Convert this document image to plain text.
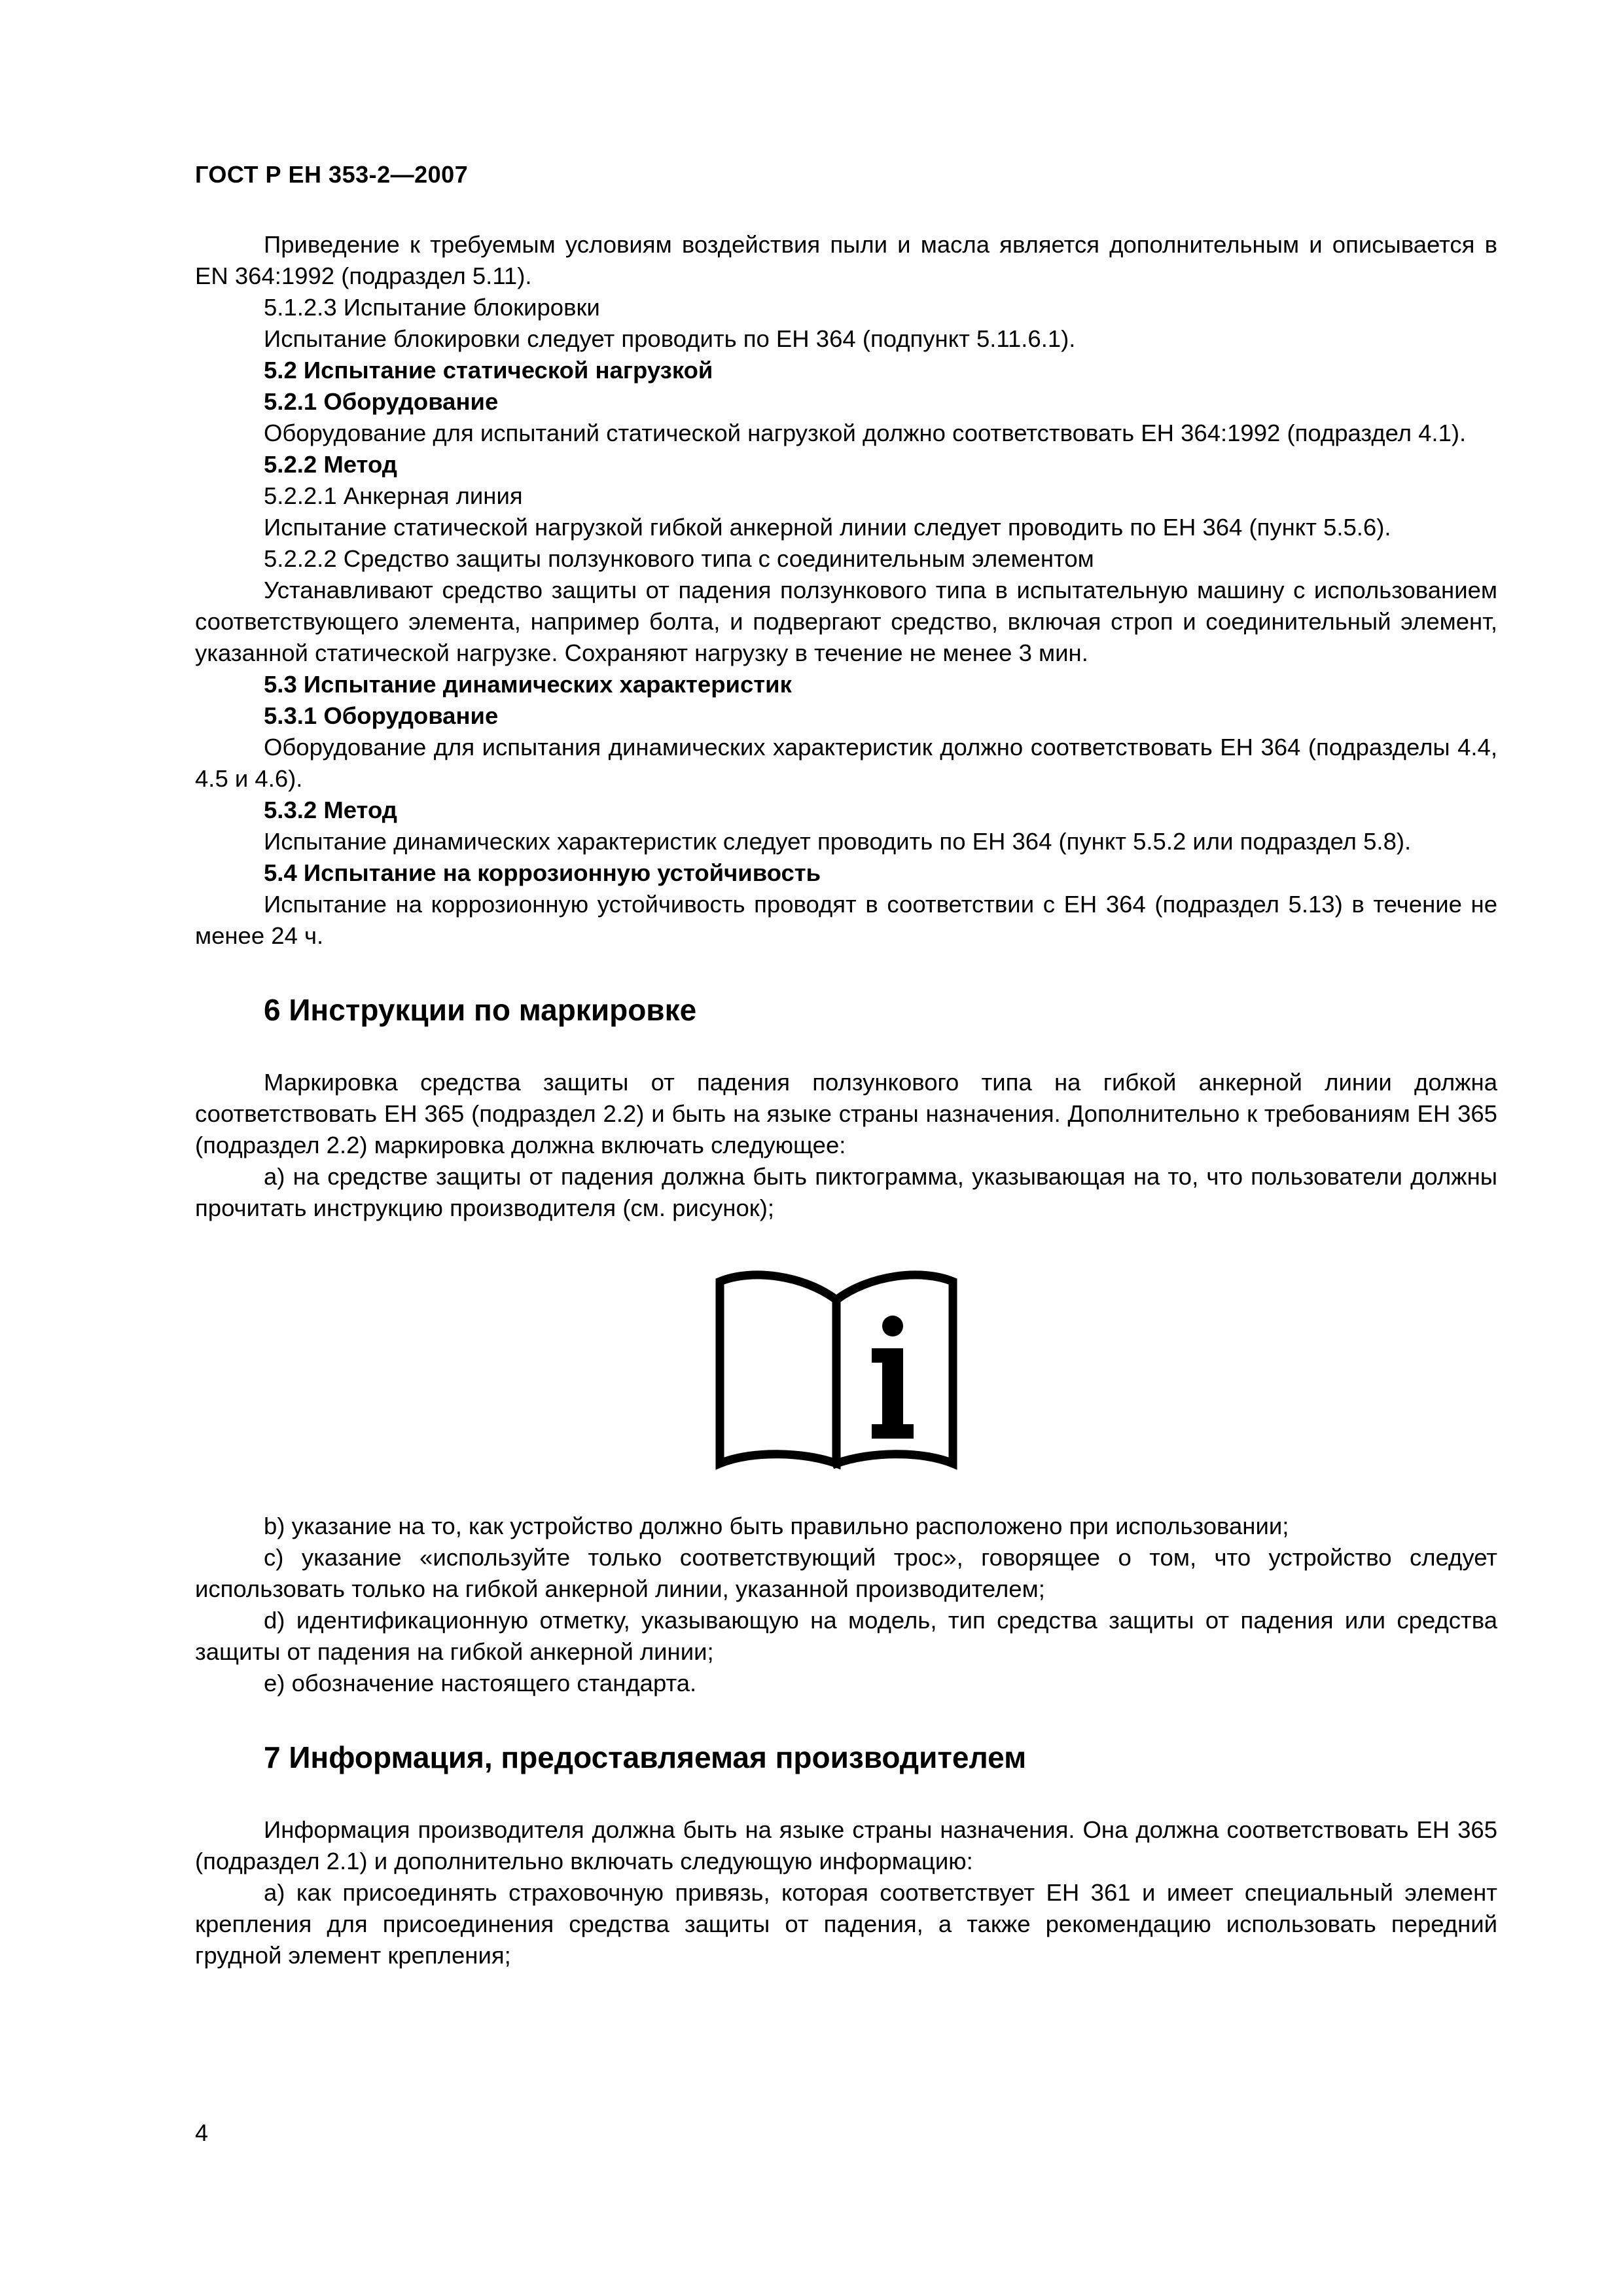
ГОСТ Р ЕН 353-2—2007

Приведение к требуемым условиям воздействия пыли и масла является дополнительным и описывается в EN 364:1992 (подраздел 5.11).

5.1.2.3 Испытание блокировки

Испытание блокировки следует проводить по ЕН 364 (подпункт 5.11.6.1).

5.2 Испытание статической нагрузкой

5.2.1 Оборудование

Оборудование для испытаний статической нагрузкой должно соответствовать ЕН 364:1992 (подраздел 4.1).

5.2.2 Метод

5.2.2.1 Анкерная линия

Испытание статической нагрузкой гибкой анкерной линии следует проводить по ЕН 364 (пункт 5.5.6).

5.2.2.2 Средство защиты ползункового типа с соединительным элементом

Устанавливают средство защиты от падения ползункового типа в испытательную машину с использованием соответствующего элемента, например болта, и подвергают средство, включая строп и соединительный элемент, указанной статической нагрузке. Сохраняют нагрузку в течение не менее 3 мин.

5.3 Испытание динамических характеристик

5.3.1 Оборудование

Оборудование для испытания динамических характеристик должно соответствовать ЕН 364 (подразделы 4.4, 4.5 и 4.6).

5.3.2 Метод

Испытание динамических характеристик следует проводить по ЕН 364 (пункт 5.5.2 или подраздел 5.8).

5.4 Испытание на коррозионную устойчивость

Испытание на коррозионную устойчивость проводят в соответствии с ЕН 364 (подраздел 5.13) в течение не менее 24 ч.

6 Инструкции по маркировке

Маркировка средства защиты от падения ползункового типа на гибкой анкерной линии должна соответствовать ЕН 365 (подраздел 2.2) и быть на языке страны назначения. Дополнительно к требованиям ЕН 365 (подраздел 2.2) маркировка должна включать следующее:

a) на средстве защиты от падения должна быть пиктограмма, указывающая на то, что пользователи должны прочитать инструкцию производителя (см. рисунок);

b) указание на то, как устройство должно быть правильно расположено при использовании;

c) указание «используйте только соответствующий трос», говорящее о том, что устройство следует использовать только на гибкой анкерной линии, указанной производителем;

d) идентификационную отметку, указывающую на модель, тип средства защиты от падения или средства защиты от падения на гибкой анкерной линии;

e) обозначение настоящего стандарта.

7 Информация, предоставляемая производителем

Информация производителя должна быть на языке страны назначения. Она должна соответствовать ЕН 365 (подраздел 2.1) и дополнительно включать следующую информацию:

a) как присоединять страховочную привязь, которая соответствует ЕН 361 и имеет специальный элемент крепления для присоединения средства защиты от падения, а также рекомендацию использовать передний грудной элемент крепления;

4
